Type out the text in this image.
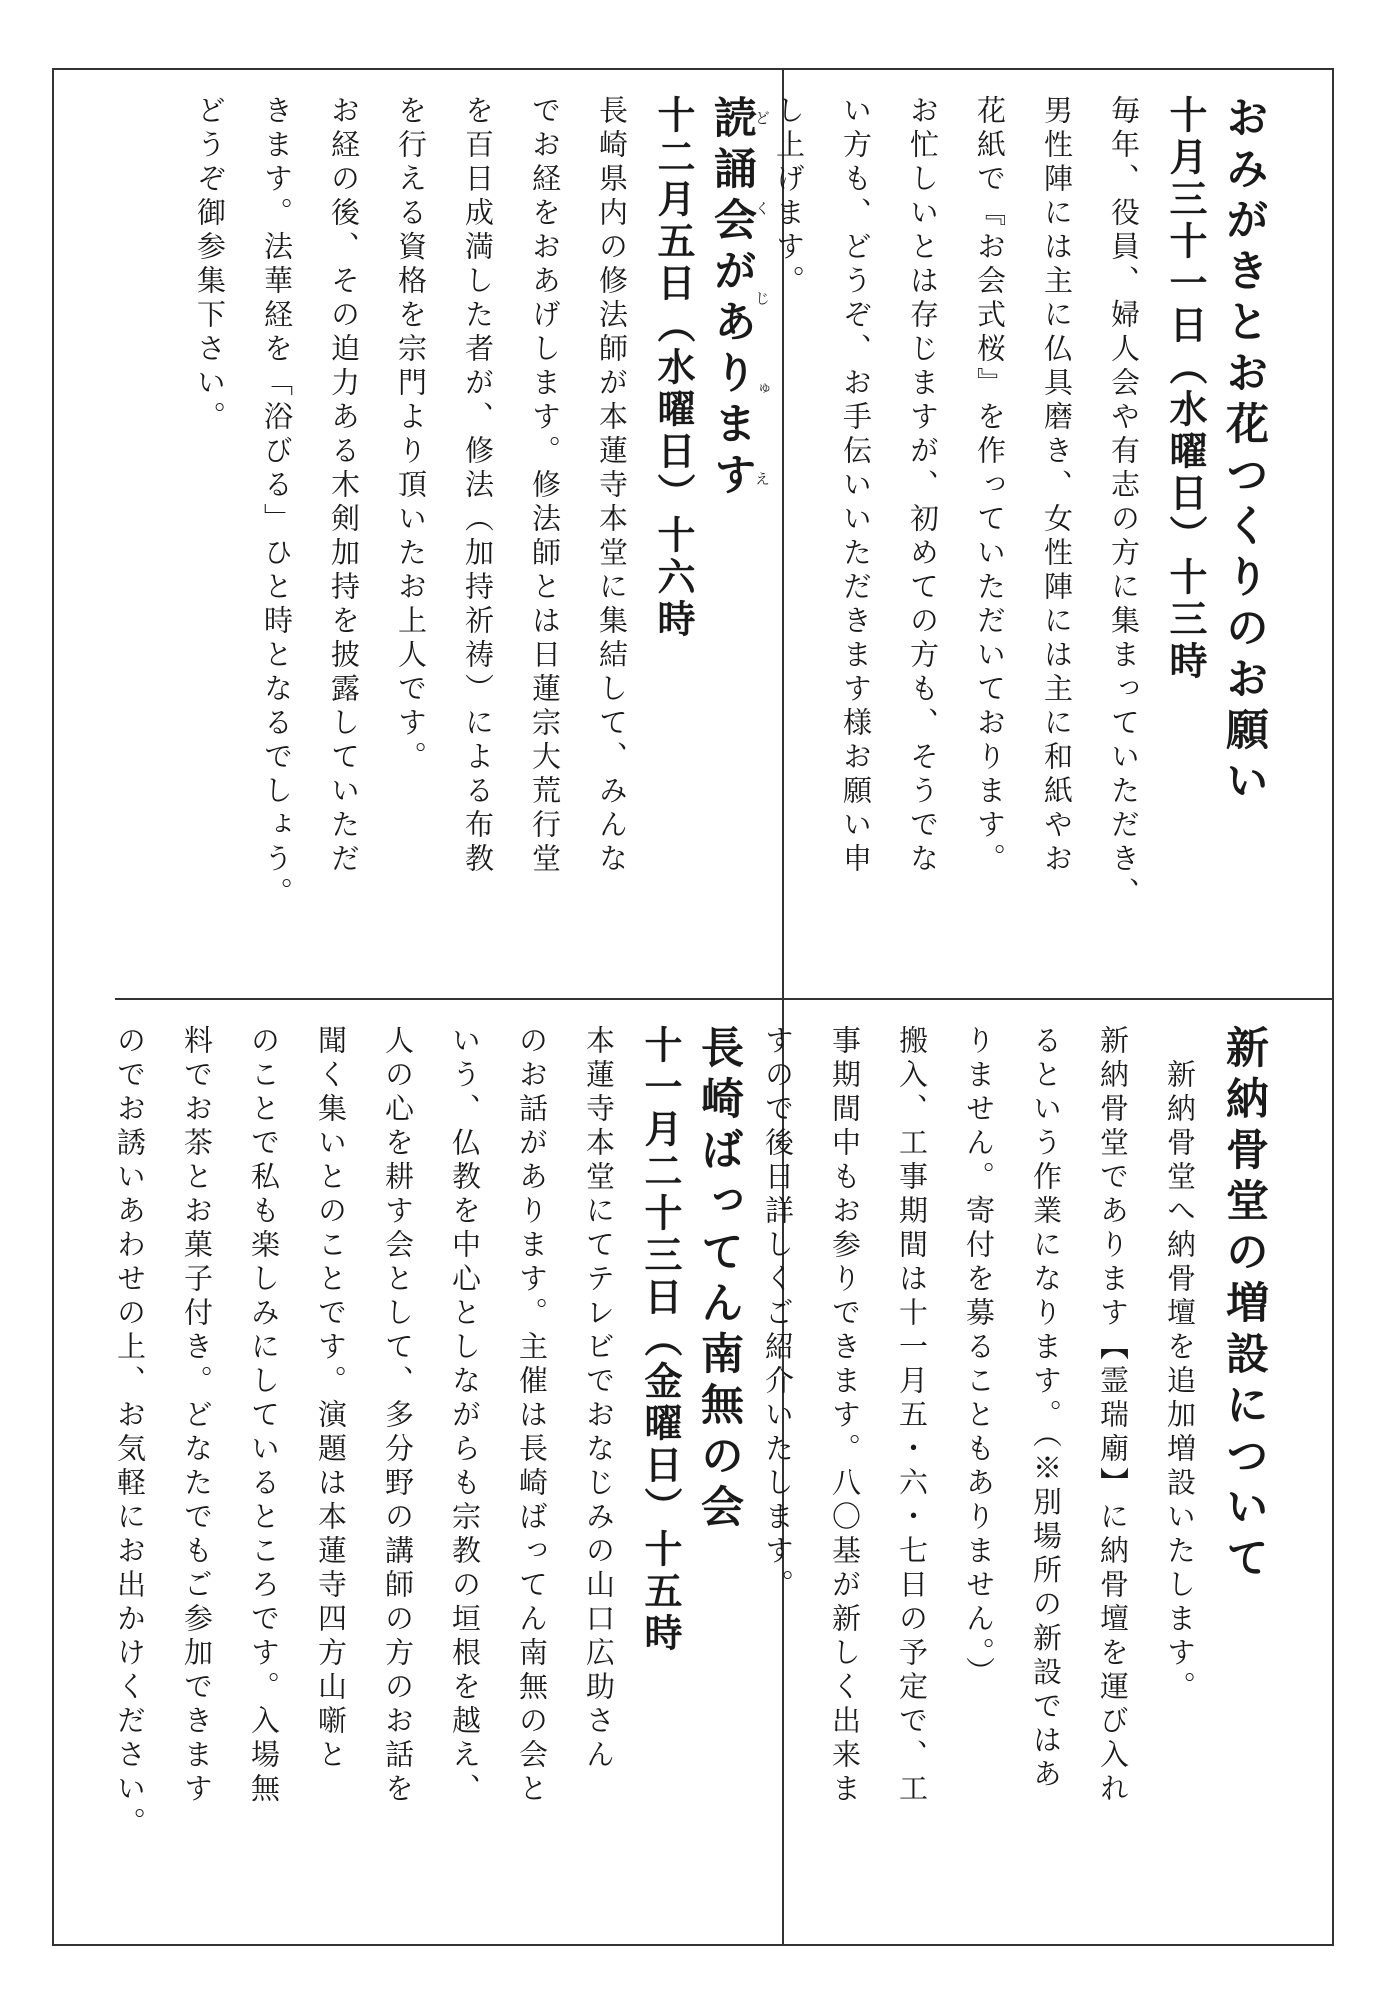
おみがきとお花つくりのお願い
十月三十一日（水曜日）十三時
毎年、役員、婦人会や有志の方に集まっていただき、
男性陣には主に仏具磨き、女性陣には主に和紙やお
花紙で『お会式桜』を作っていただいております。
お忙しいとは存じますが、初めての方も、そうでな
い方も、どうぞ、お手伝いいただきます様お願い申
し上げます。
読誦会がありますどくじゅえ
十二月五日（水曜日）十六時
長崎県内の修法師が本蓮寺本堂に集結して、みんな
でお経をおあげします。修法師とは日蓮宗大荒行堂
を百日成満した者が、修法（加持祈祷）による布教
を行える資格を宗門より頂いたお上人です。
お経の後、その迫力ある木剣加持を披露していただ
きます。法華経を「浴びる」ひと時となるでしょう。
どうぞ御参集下さい。
新納骨堂の増設について
　新納骨堂へ納骨壇を追加増設いたします。
新納骨堂であります【霊瑞廟】に納骨壇を運び入れ
るという作業になります。（※別場所の新設ではあ
りません。寄付を募ることもありません。）
搬入、工事期間は十一月五・六・七日の予定で、工
事期間中もお参りできます。八〇基が新しく出来ま
すので後日詳しくご紹介いたします。
長崎ばってん南無の会
十一月二十三日（金曜日）十五時
本蓮寺本堂にてテレビでおなじみの山口広助さん
のお話があります。主催は長崎ばってん南無の会と
いう、仏教を中心としながらも宗教の垣根を越え、
人の心を耕す会として、多分野の講師の方のお話を
聞く集いとのことです。演題は本蓮寺四方山噺と
のことで私も楽しみにしているところです。入場無
料でお茶とお菓子付き。どなたでもご参加できます
のでお誘いあわせの上、お気軽にお出かけください。
